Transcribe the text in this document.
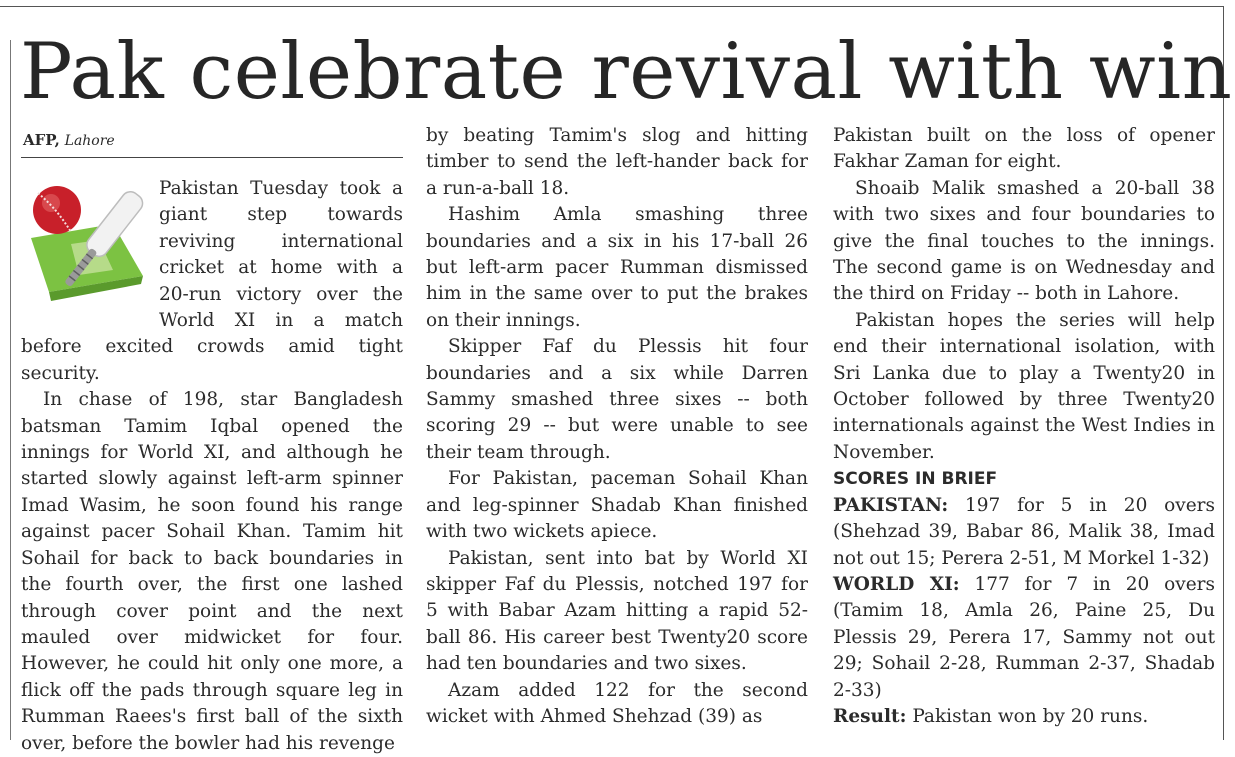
Pak celebrate revival with win
AFP, Lahore

Pakistan Tuesday took a giant step towards reviving international cricket at home with a 20-run victory over the World XI in a match before excited crowds amid tight security.

In chase of 198, star Bangladesh batsman Tamim Iqbal opened the innings for World XI, and although he started slowly against left-arm spinner Imad Wasim, he soon found his range against pacer Sohail Khan. Tamim hit Sohail for back to back boundaries in the fourth over, the first one lashed through cover point and the next mauled over midwicket for four. However, he could hit only one more, a flick off the pads through square leg in Rumman Raees's first ball of the sixth over, before the bowler had his revenge

by beating Tamim's slog and hitting timber to send the left-hander back for a run-a-ball 18.

Hashim Amla smashing three boundaries and a six in his 17-ball 26 but left-arm pacer Rumman dismissed him in the same over to put the brakes on their innings.

Skipper Faf du Plessis hit four boundaries and a six while Darren Sammy smashed three sixes -- both scoring 29 -- but were unable to see their team through.

For Pakistan, paceman Sohail Khan and leg-spinner Shadab Khan finished with two wickets apiece.

Pakistan, sent into bat by World XI skipper Faf du Plessis, notched 197 for 5 with Babar Azam hitting a rapid 52-ball 86. His career best Twenty20 score had ten boundaries and two sixes.

Azam added 122 for the second wicket with Ahmed Shehzad (39) as

Pakistan built on the loss of opener Fakhar Zaman for eight.

Shoaib Malik smashed a 20-ball 38 with two sixes and four boundaries to give the final touches to the innings. The second game is on Wednesday and the third on Friday -- both in Lahore.

Pakistan hopes the series will help end their international isolation, with Sri Lanka due to play a Twenty20 in October followed by three Twenty20 internationals against the West Indies in November.

SCORES IN BRIEF

PAKISTAN: 197 for 5 in 20 overs (Shehzad 39, Babar 86, Malik 38, Imad not out 15; Perera 2-51, M Morkel 1-32)

WORLD XI: 177 for 7 in 20 overs (Tamim 18, Amla 26, Paine 25, Du Plessis 29, Perera 17, Sammy not out 29; Sohail 2-28, Rumman 2-37, Shadab 2-33)

Result: Pakistan won by 20 runs.
